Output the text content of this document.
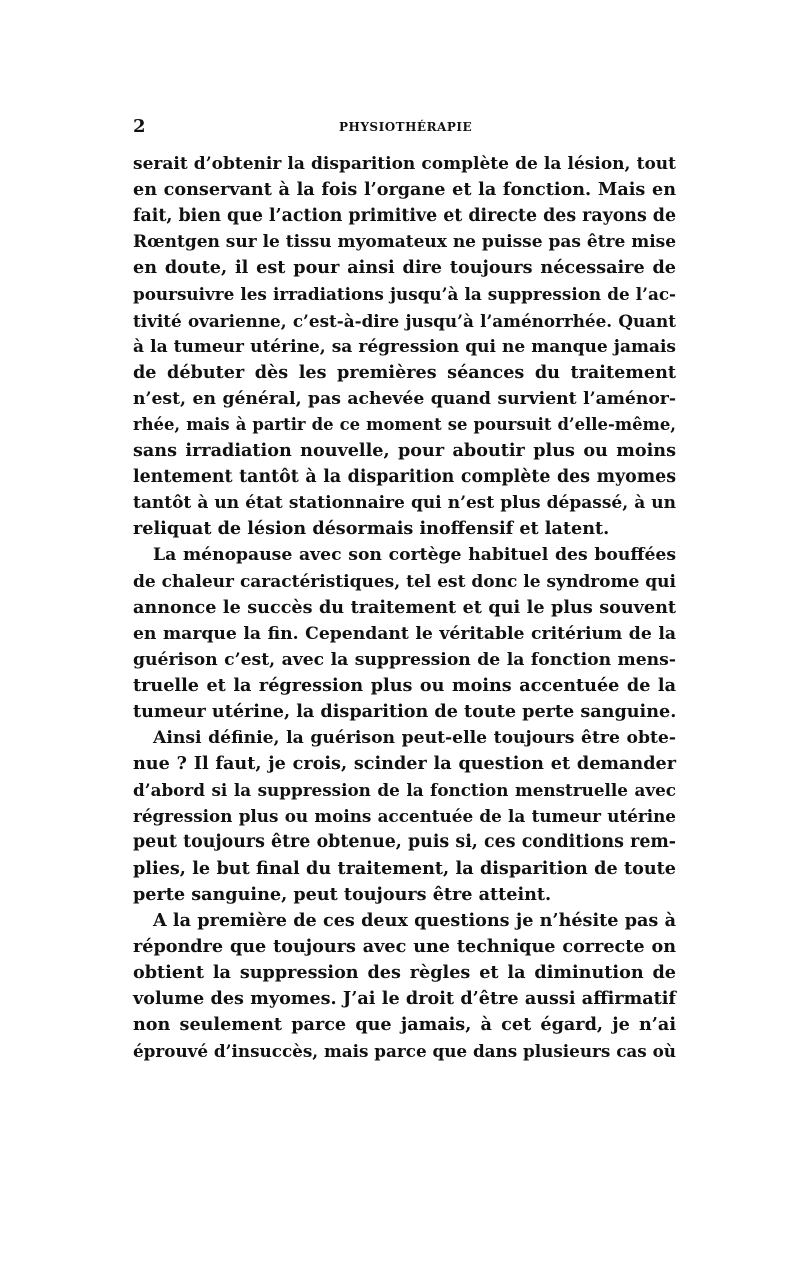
2	PHYSIOTHÉRAPIE
serait d’obtenir la disparition complète de la lésion, tout
en conservant à la fois l’organe et la fonction. Mais en
fait, bien que l’action primitive et directe des rayons de
Rœntgen sur le tissu myomateux ne puisse pas être mise
en doute, il est pour ainsi dire toujours nécessaire de
poursuivre les irradiations jusqu’à la suppression de l’ac-
tivité ovarienne, c’est-à-dire jusqu’à l’aménorrhée. Quant
à la tumeur utérine, sa régression qui ne manque jamais
de débuter dès les premières séances du traitement
n’est, en général, pas achevée quand survient l’aménor-
rhée, mais à partir de ce moment se poursuit d’elle-même,
sans irradiation nouvelle, pour aboutir plus ou moins
lentement tantôt à la disparition complète des myomes
tantôt à un état stationnaire qui n’est plus dépassé, à un
reliquat de lésion désormais inoffensif et latent.
La ménopause avec son cortège habituel des bouffées
de chaleur caractéristiques, tel est donc le syndrome qui
annonce le succès du traitement et qui le plus souvent
en marque la fin. Cependant le véritable critérium de la
guérison c’est, avec la suppression de la fonction mens-
truelle et la régression plus ou moins accentuée de la
tumeur utérine, la disparition de toute perte sanguine.
Ainsi définie, la guérison peut-elle toujours être obte-
nue ? Il faut, je crois, scinder la question et demander
d’abord si la suppression de la fonction menstruelle avec
régression plus ou moins accentuée de la tumeur utérine
peut toujours être obtenue, puis si, ces conditions rem-
plies, le but final du traitement, la disparition de toute
perte sanguine, peut toujours être atteint.
A la première de ces deux questions je n’hésite pas à
répondre que toujours avec une technique correcte on
obtient la suppression des règles et la diminution de
volume des myomes. J’ai le droit d’être aussi affirmatif
non seulement parce que jamais, à cet égard, je n’ai
éprouvé d’insuccès, mais parce que dans plusieurs cas où
